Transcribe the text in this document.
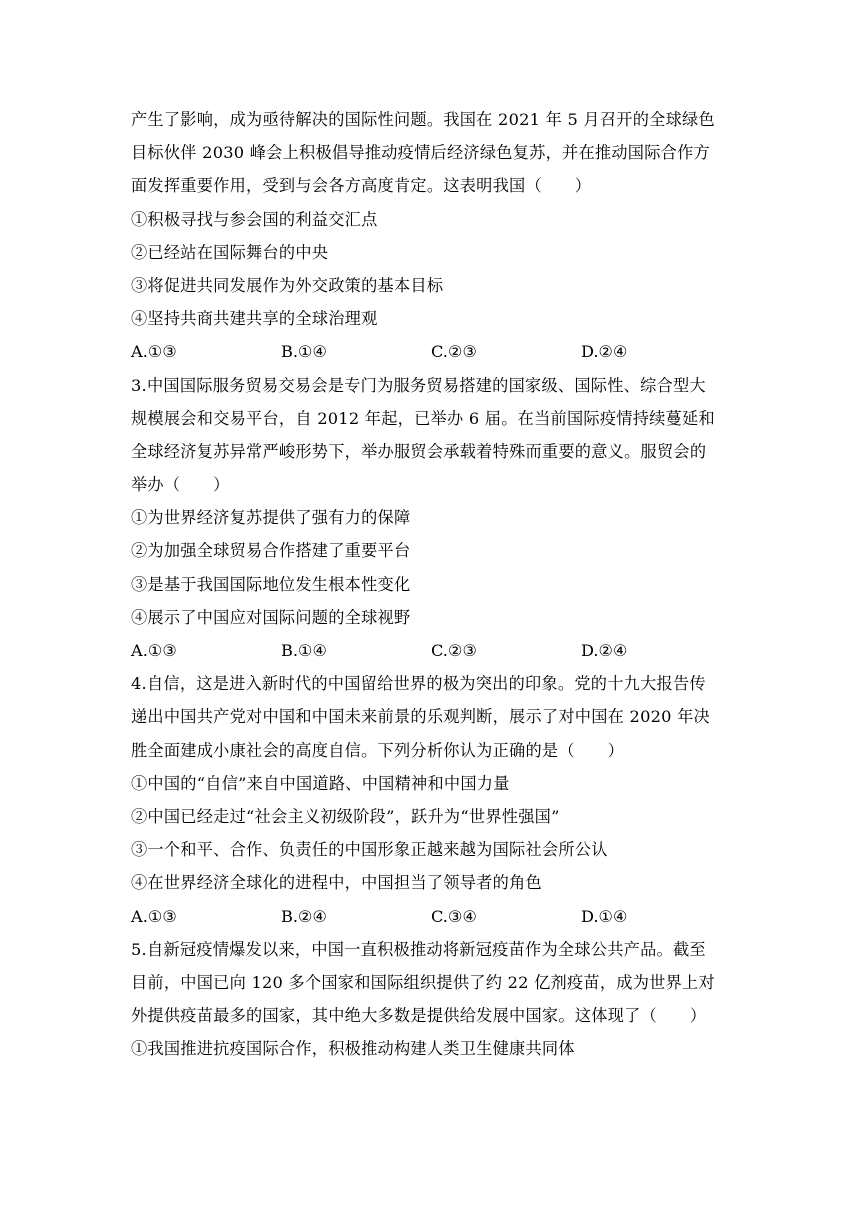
产生了影响，成为亟待解决的国际性问题。我国在 2021 年 5 月召开的全球绿色
目标伙伴 2030 峰会上积极倡导推动疫情后经济绿色复苏，并在推动国际合作方
面发挥重要作用，受到与会各方高度肯定。这表明我国（　　）
①积极寻找与参会国的利益交汇点
②已经站在国际舞台的中央
③将促进共同发展作为外交政策的基本目标
④坚持共商共建共享的全球治理观
A.①③	B.①④	C.②③	D.②④
3.中国国际服务贸易交易会是专门为服务贸易搭建的国家级、国际性、综合型大
规模展会和交易平台，自 2012 年起，已举办 6 届。在当前国际疫情持续蔓延和
全球经济复苏异常严峻形势下，举办服贸会承载着特殊而重要的意义。服贸会的
举办（　　）
①为世界经济复苏提供了强有力的保障
②为加强全球贸易合作搭建了重要平台
③是基于我国国际地位发生根本性变化
④展示了中国应对国际问题的全球视野
A.①③	B.①④	C.②③	D.②④
4.自信，这是进入新时代的中国留给世界的极为突出的印象。党的十九大报告传
递出中国共产党对中国和中国未来前景的乐观判断，展示了对中国在 2020 年决
胜全面建成小康社会的高度自信。下列分析你认为正确的是（　　）
①中国的“自信”来自中国道路、中国精神和中国力量
②中国已经走过“社会主义初级阶段”，跃升为“世界性强国”
③一个和平、合作、负责任的中国形象正越来越为国际社会所公认
④在世界经济全球化的进程中，中国担当了领导者的角色
A.①③	B.②④	C.③④	D.①④
5.自新冠疫情爆发以来，中国一直积极推动将新冠疫苗作为全球公共产品。截至
目前，中国已向 120 多个国家和国际组织提供了约 22 亿剂疫苗，成为世界上对
外提供疫苗最多的国家，其中绝大多数是提供给发展中国家。这体现了（　　）
①我国推进抗疫国际合作，积极推动构建人类卫生健康共同体
